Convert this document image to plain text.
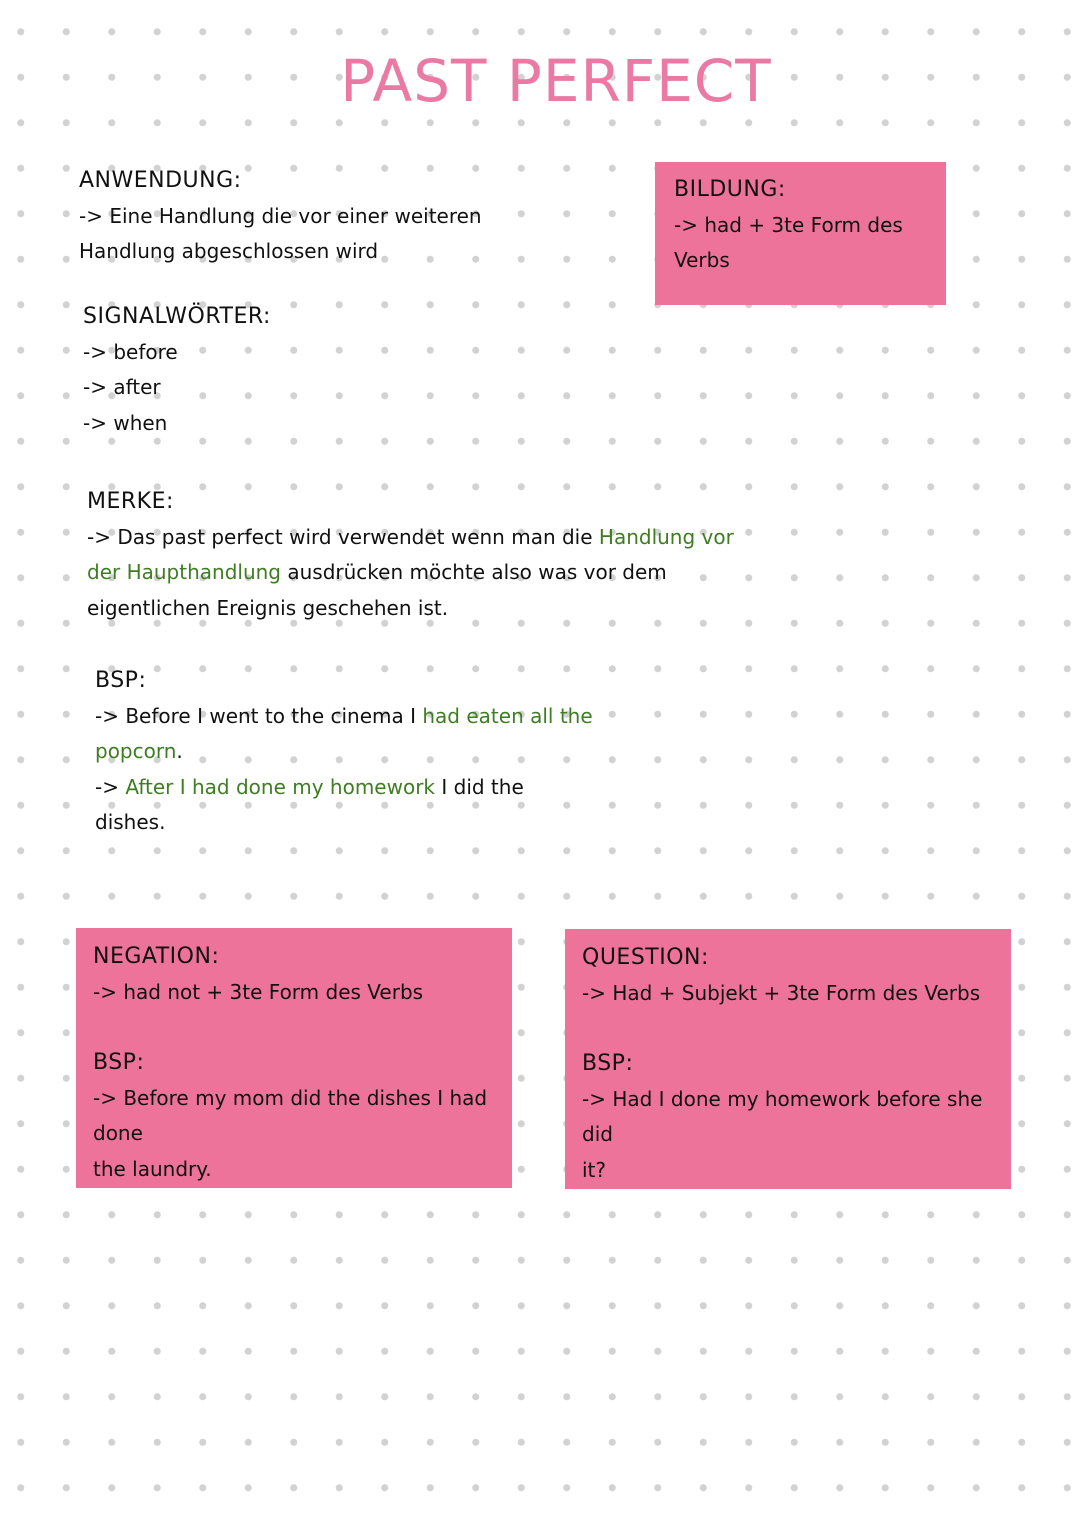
PAST PERFECT
ANWENDUNG:
-> Eine Handlung die vor einer weiteren
Handlung abgeschlossen wird
BILDUNG:
-> had + 3te Form des
Verbs
SIGNALWÖRTER:
-> before
-> after
-> when
MERKE:
-> Das past perfect wird verwendet wenn man die Handlung vor
der Haupthandlung ausdrücken möchte also was vor dem
eigentlichen Ereignis geschehen ist.
BSP:
-> Before I went to the cinema I had eaten all the
popcorn.
-> After I had done my homework I did the
dishes.
NEGATION:
-> had not + 3te Form des Verbs
BSP:
-> Before my mom did the dishes I had done
the laundry.
QUESTION:
-> Had + Subjekt + 3te Form des Verbs
BSP:
-> Had I done my homework before she did
it?
